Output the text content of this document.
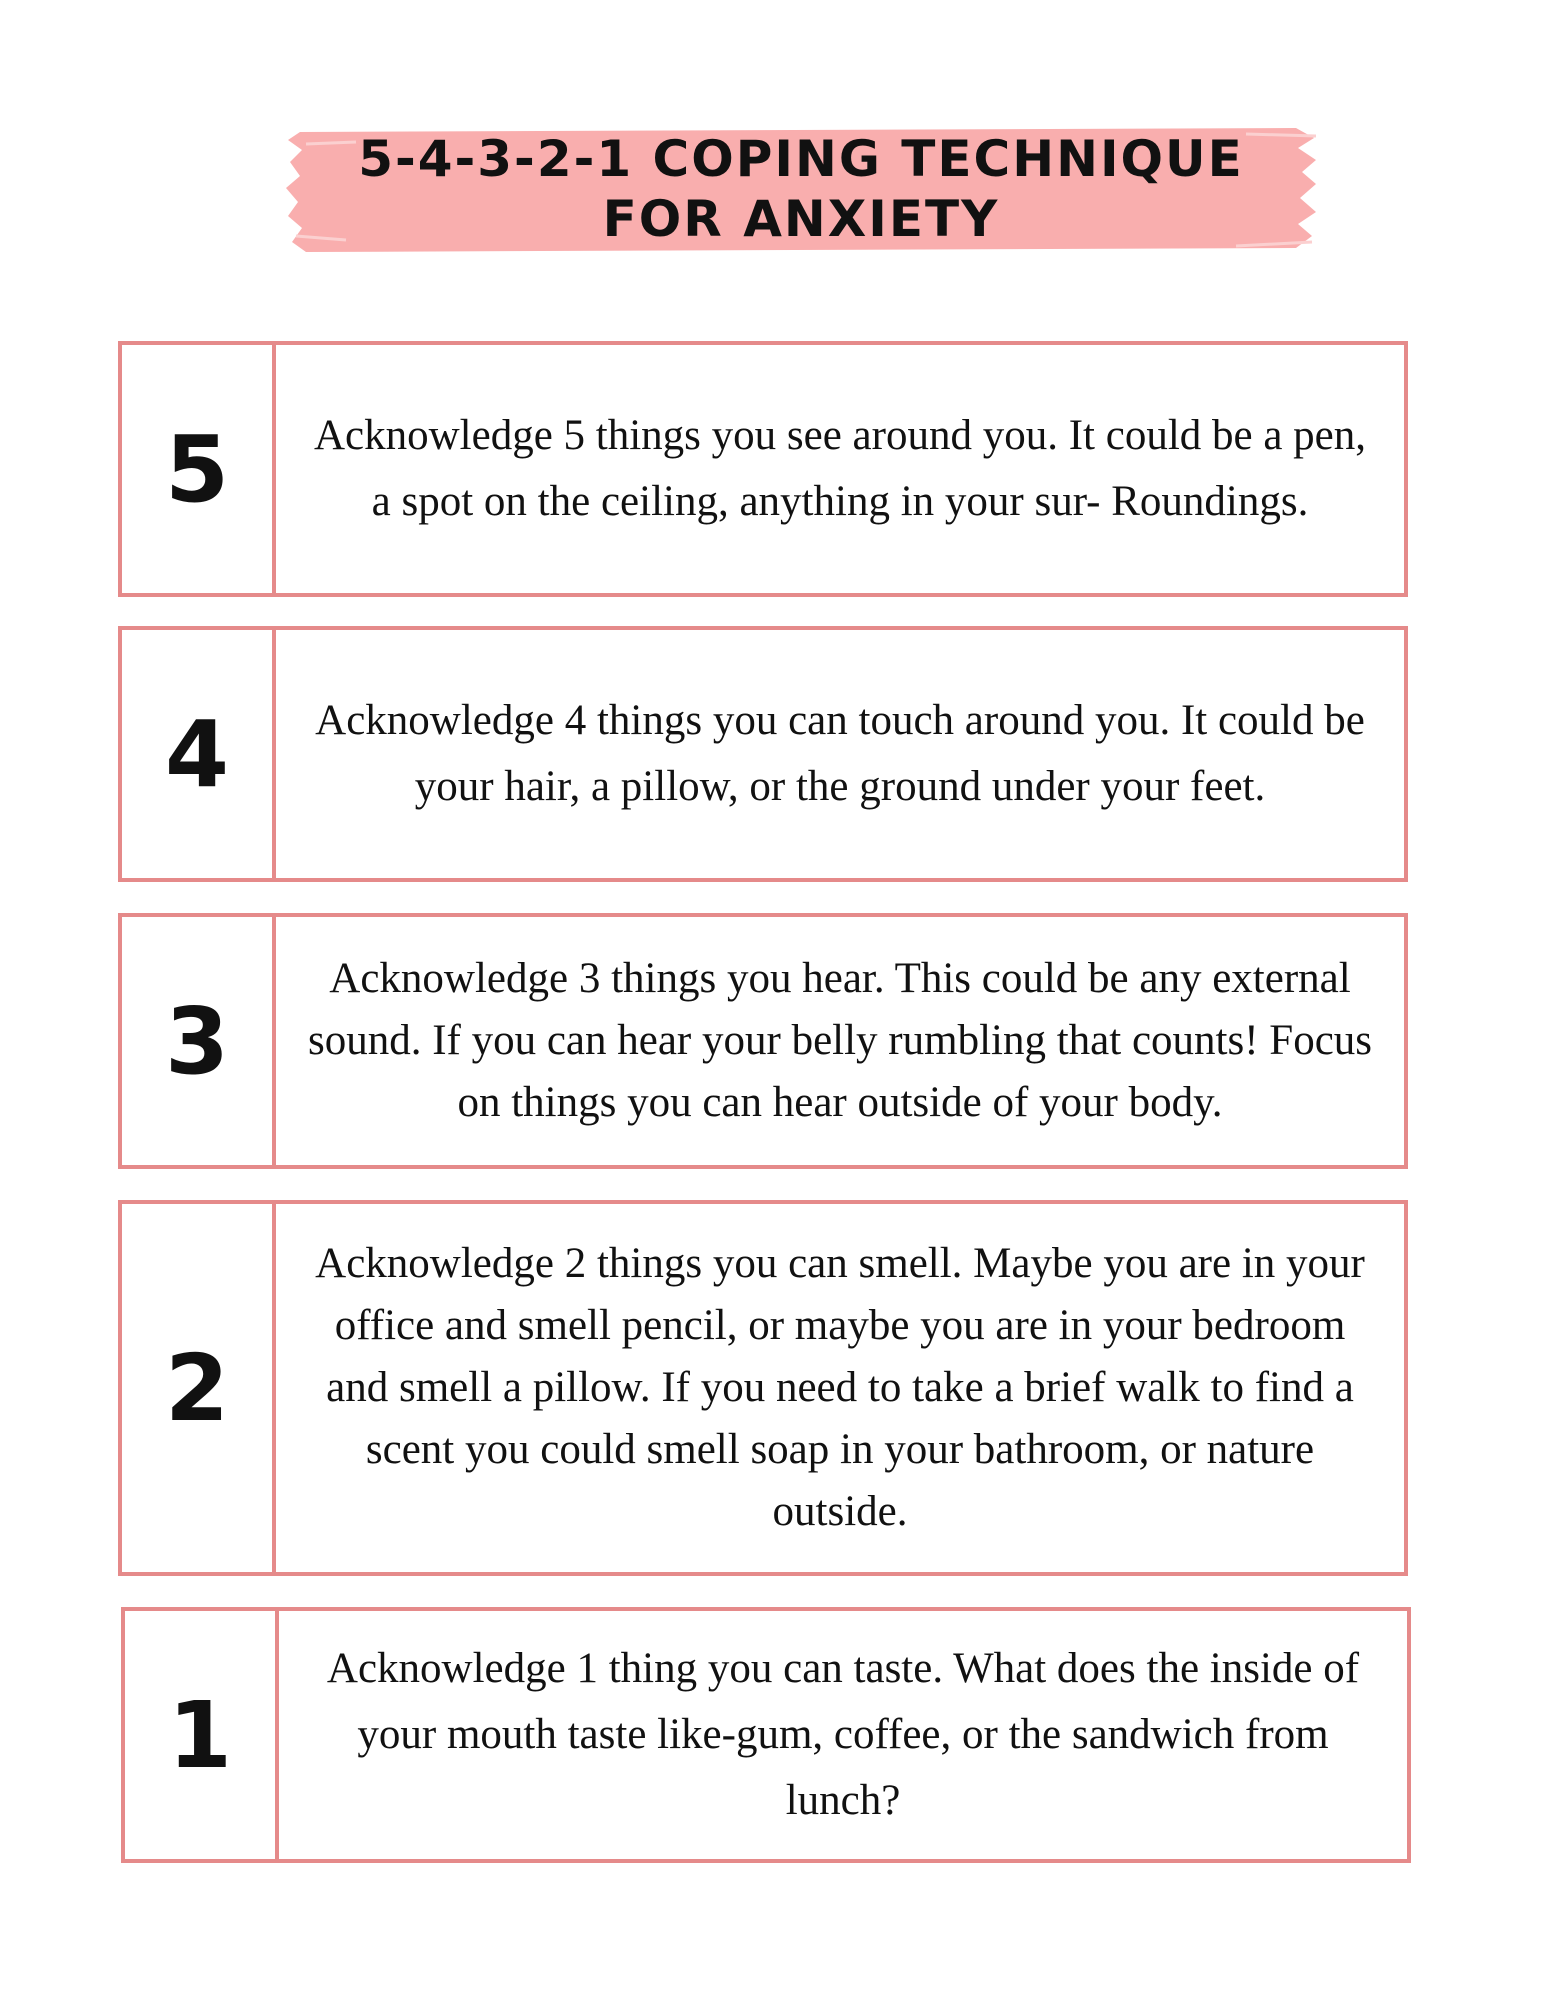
5-4-3-2-1 COPING TECHNIQUE
FOR ANXIETY
5	Acknowledge 5 things you see around you. It could be a pen, a spot on the ceiling, anything in your sur- Roundings.
4	Acknowledge 4 things you can touch around you. It could be your hair, a pillow, or the ground under your feet.
3
Acknowledge 3 things you hear. This could be any external sound. If you can hear your belly rumbling that counts! Focus on things you can hear outside of your body.
2
Acknowledge 2 things you can smell. Maybe you are in your office and smell pencil, or maybe you are in your bedroom and smell a pillow. If you need to take a brief walk to find a scent you could smell soap in your bathroom, or nature outside.
1
Acknowledge 1 thing you can taste. What does the inside of your mouth taste like-gum, coffee, or the sandwich from lunch?
